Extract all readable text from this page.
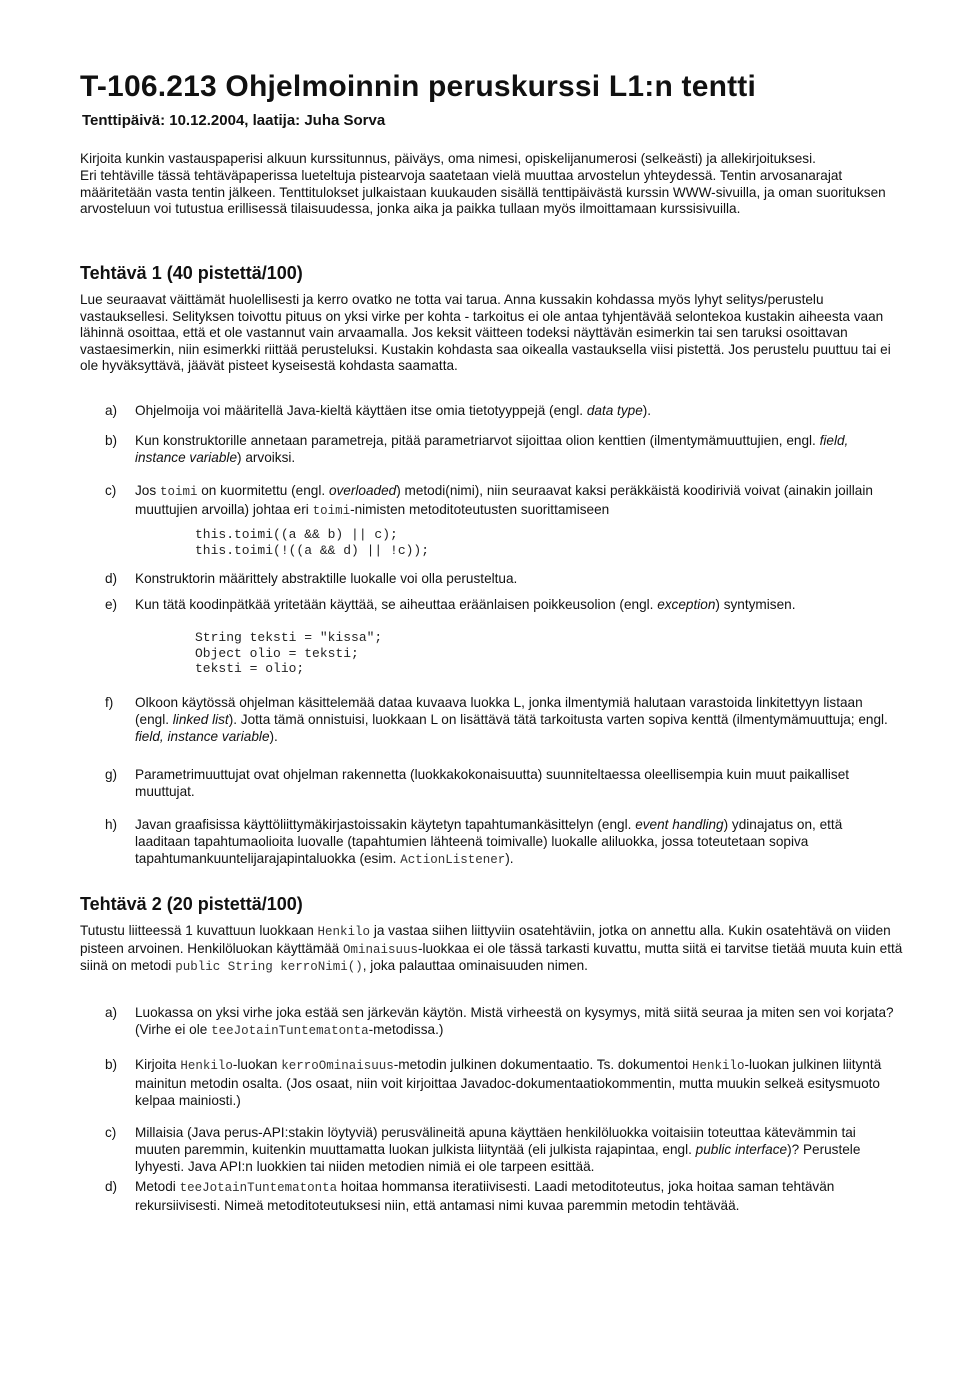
T-106.213 Ohjelmoinnin peruskurssi L1:n tentti
Tenttipäivä: 10.12.2004, laatija: Juha Sorva
Kirjoita kunkin vastauspaperisi alkuun kurssitunnus, päiväys, oma nimesi, opiskelijanumerosi (selkeästi) ja allekirjoituksesi.
Eri tehtäville tässä tehtäväpaperissa lueteltuja pistearvoja saatetaan vielä muuttaa arvostelun yhteydessä. Tentin arvosanarajat määritetään vasta tentin jälkeen. Tenttitulokset julkaistaan kuukauden sisällä tenttipäivästä kurssin WWW-sivuilla, ja oman suorituksen arvosteluun voi tutustua erillisessä tilaisuudessa, jonka aika ja paikka tullaan myös ilmoittamaan kurssisivuilla.
Tehtävä 1 (40 pistettä/100)
Lue seuraavat väittämät huolellisesti ja kerro ovatko ne totta vai tarua. Anna kussakin kohdassa myös lyhyt selitys/perustelu vastauksellesi. Selityksen toivottu pituus on yksi virke per kohta - tarkoitus ei ole antaa tyhjentävää selontekoa kustakin aiheesta vaan lähinnä osoittaa, että et ole vastannut vain arvaamalla. Jos keksit väitteen todeksi näyttävän esimerkin tai sen taruksi osoittavan vastaesimerkin, niin esimerkki riittää perusteluksi. Kustakin kohdasta saa oikealla vastauksella viisi pistettä. Jos perustelu puuttuu tai ei ole hyväksyttävä, jäävät pisteet kyseisestä kohdasta saamatta.
a)	Ohjelmoija voi määritellä Java-kieltä käyttäen itse omia tietotyyppejä (engl. data type).
b)	Kun konstruktorille annetaan parametreja, pitää parametriarvot sijoittaa olion kenttien (ilmentymämuuttujien, engl. field, instance variable) arvoiksi.
c)	Jos toimi on kuormitettu (engl. overloaded) metodi(nimi), niin seuraavat kaksi peräkkäistä koodiriviä voivat (ainakin joillain muuttujien arvoilla) johtaa eri toimi-nimisten metoditoteutusten suorittamiseen
this.toimi((a && b) || c);
this.toimi(!((a && d) || !c));
d)	Konstruktorin määrittely abstraktille luokalle voi olla perusteltua.
e)	Kun tätä koodinpätkää yritetään käyttää, se aiheuttaa eräänlaisen poikkeusolion (engl. exception) syntymisen.
String teksti = "kissa";
Object olio = teksti;
teksti = olio;
f)	Olkoon käytössä ohjelman käsittelemää dataa kuvaava luokka L, jonka ilmentymiä halutaan varastoida linkitettyyn listaan (engl. linked list). Jotta tämä onnistuisi, luokkaan L on lisättävä tätä tarkoitusta varten sopiva kenttä (ilmentymämuuttuja; engl. field, instance variable).
g)	Parametrimuuttujat ovat ohjelman rakennetta (luokkakokonaisuutta) suunniteltaessa oleellisempia kuin muut paikalliset muuttujat.
h)	Javan graafisissa käyttöliittymäkirjastoissakin käytetyn tapahtumankäsittelyn (engl. event handling) ydinajatus on, että laaditaan tapahtumaolioita luovalle (tapahtumien lähteenä toimivalle) luokalle aliluokka, jossa toteutetaan sopiva tapahtumankuuntelijarajapintaluokka (esim. ActionListener).
Tehtävä 2 (20 pistettä/100)
Tutustu liitteessä 1 kuvattuun luokkaan Henkilo ja vastaa siihen liittyviin osatehtäviin, jotka on annettu alla. Kukin osatehtävä on viiden pisteen arvoinen. Henkilöluokan käyttämää Ominaisuus-luokkaa ei ole tässä tarkasti kuvattu, mutta siitä ei tarvitse tietää muuta kuin että siinä on metodi public String kerroNimi(), joka palauttaa ominaisuuden nimen.
a)	Luokassa on yksi virhe joka estää sen järkevän käytön. Mistä virheestä on kysymys, mitä siitä seuraa ja miten sen voi korjata? (Virhe ei ole teeJotainTuntematonta-metodissa.)
b)	Kirjoita Henkilo-luokan kerroOminaisuus-metodin julkinen dokumentaatio. Ts. dokumentoi Henkilo-luokan julkinen liityntä mainitun metodin osalta. (Jos osaat, niin voit kirjoittaa Javadoc-dokumentaatiokommentin, mutta muukin selkeä esitysmuoto kelpaa mainiosti.)
c)	Millaisia (Java perus-API:stakin löytyviä) perusvälineitä apuna käyttäen henkilöluokka voitaisiin toteuttaa kätevämmin tai muuten paremmin, kuitenkin muuttamatta luokan julkista liityntää (eli julkista rajapintaa, engl. public interface)? Perustele lyhyesti. Java API:n luokkien tai niiden metodien nimiä ei ole tarpeen esittää.
d)	Metodi teeJotainTuntematonta hoitaa hommansa iteratiivisesti. Laadi metoditoteutus, joka hoitaa saman tehtävän rekursiivisesti. Nimeä metoditoteutuksesi niin, että antamasi nimi kuvaa paremmin metodin tehtävää.
